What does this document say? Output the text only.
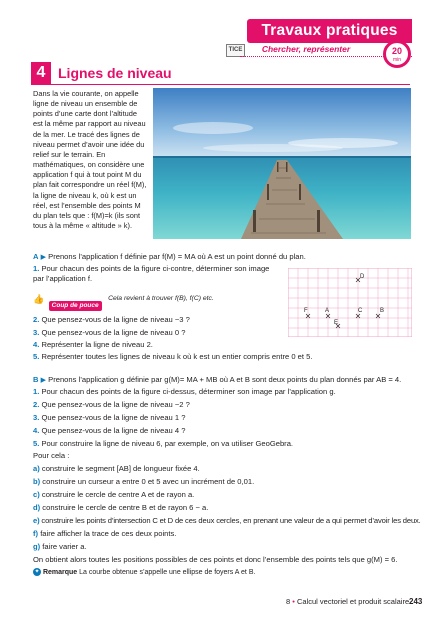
Travaux pratiques
TICE	Chercher, représenter	20
min
4 Lignes de niveau
Dans la vie courante, on appelle ligne de niveau un ensemble de points d’une carte dont l’altitude est la même par rapport au niveau de la mer. Le tracé des lignes de niveau permet d’avoir une idée du relief sur le terrain. En mathématiques, on considère une application f qui à tout point M du plan fait correspondre un réel f(M), la ligne de niveau k, où k est un réel, est l’ensemble des points M du plan tels que : f(M)=k (ils sont tous à la même « altitude » k).
A ▶ Prenons l’application f définie par f(M) = MA où A est un point donné du plan.
1. Pour chacun des points de la figure ci-contre, déterminer son image
par l’application f.
👍 Coup de pouce $^{Cela revient à trouver f(B), f(C) etc.}$
2. Que pensez-vous de la ligne de niveau −3 ?
3. Que pensez-vous de la ligne de niveau 0 ?
4. Représenter la ligne de niveau 2.
5. Représenter toutes les lignes de niveau k où k est un entier compris entre 0 et 5.
D
F	A	C	B
E
B ▶ Prenons l’application g définie par g(M)= MA + MB où A et B sont deux points du plan donnés par AB = 4.
1. Pour chacun des points de la figure ci-dessus, déterminer son image par l’application g.
2. Que pensez-vous de la ligne de niveau −2 ?
3. Que pensez-vous de la ligne de niveau 1 ?
4. Que pensez-vous de la ligne de niveau 4 ?
5. Pour construire la ligne de niveau 6, par exemple, on va utiliser GeoGebra.
Pour cela :
a) construire le segment [AB] de longueur fixée 4.
b) construire un curseur a entre 0 et 5 avec un incrément de 0,01.
c) construire le cercle de centre A et de rayon a.
d) construire le cercle de centre B et de rayon 6 − a.
e) construire les points d’intersection C et D de ces deux cercles, en prenant une valeur de a qui permet d’avoir les deux.
f) faire afficher la trace de ces deux points.
g) faire varier a.
On obtient alors toutes les positions possibles de ces points et donc l’ensemble des points tels que g(M) = 6.
✦ Remarque La courbe obtenue s’appelle une ellipse de foyers A et B.
8 • Calcul vectoriel et produit scalaire 243
